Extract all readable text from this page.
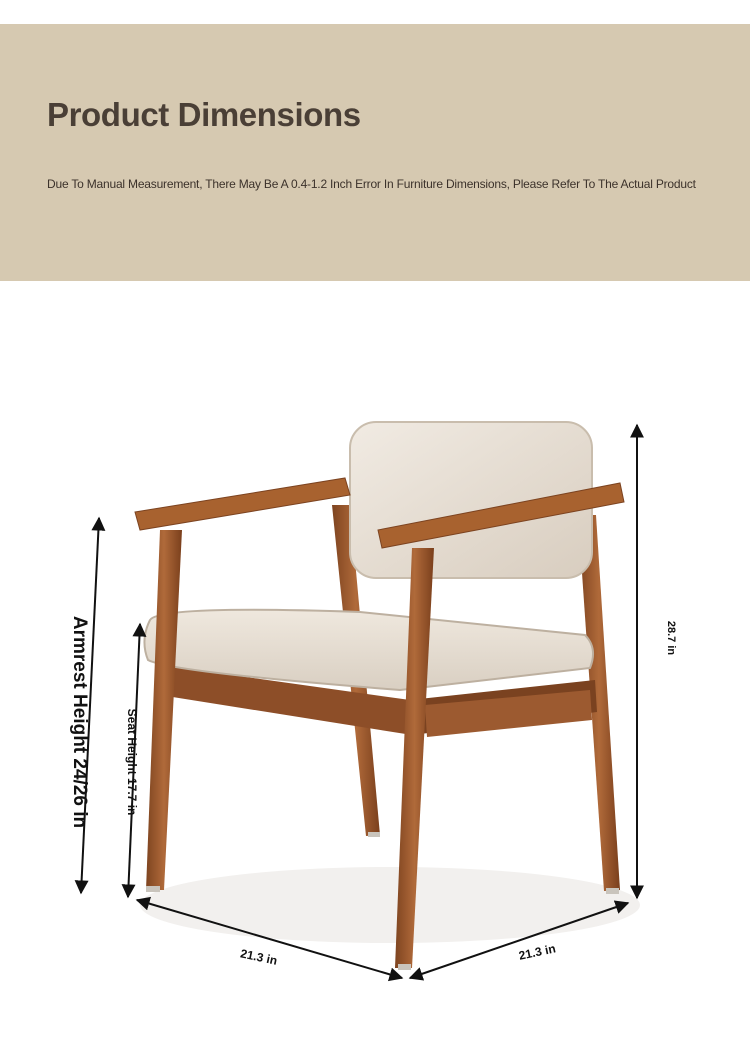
Product Dimensions

Due To Manual Measurement, There May Be A 0.4-1.2 Inch Error In Furniture Dimensions, Please Refer To The Actual Product

28.7 in
Armrest Height 24/26 in	Seat Height 17.7 in
21.3 in	21.3 in
